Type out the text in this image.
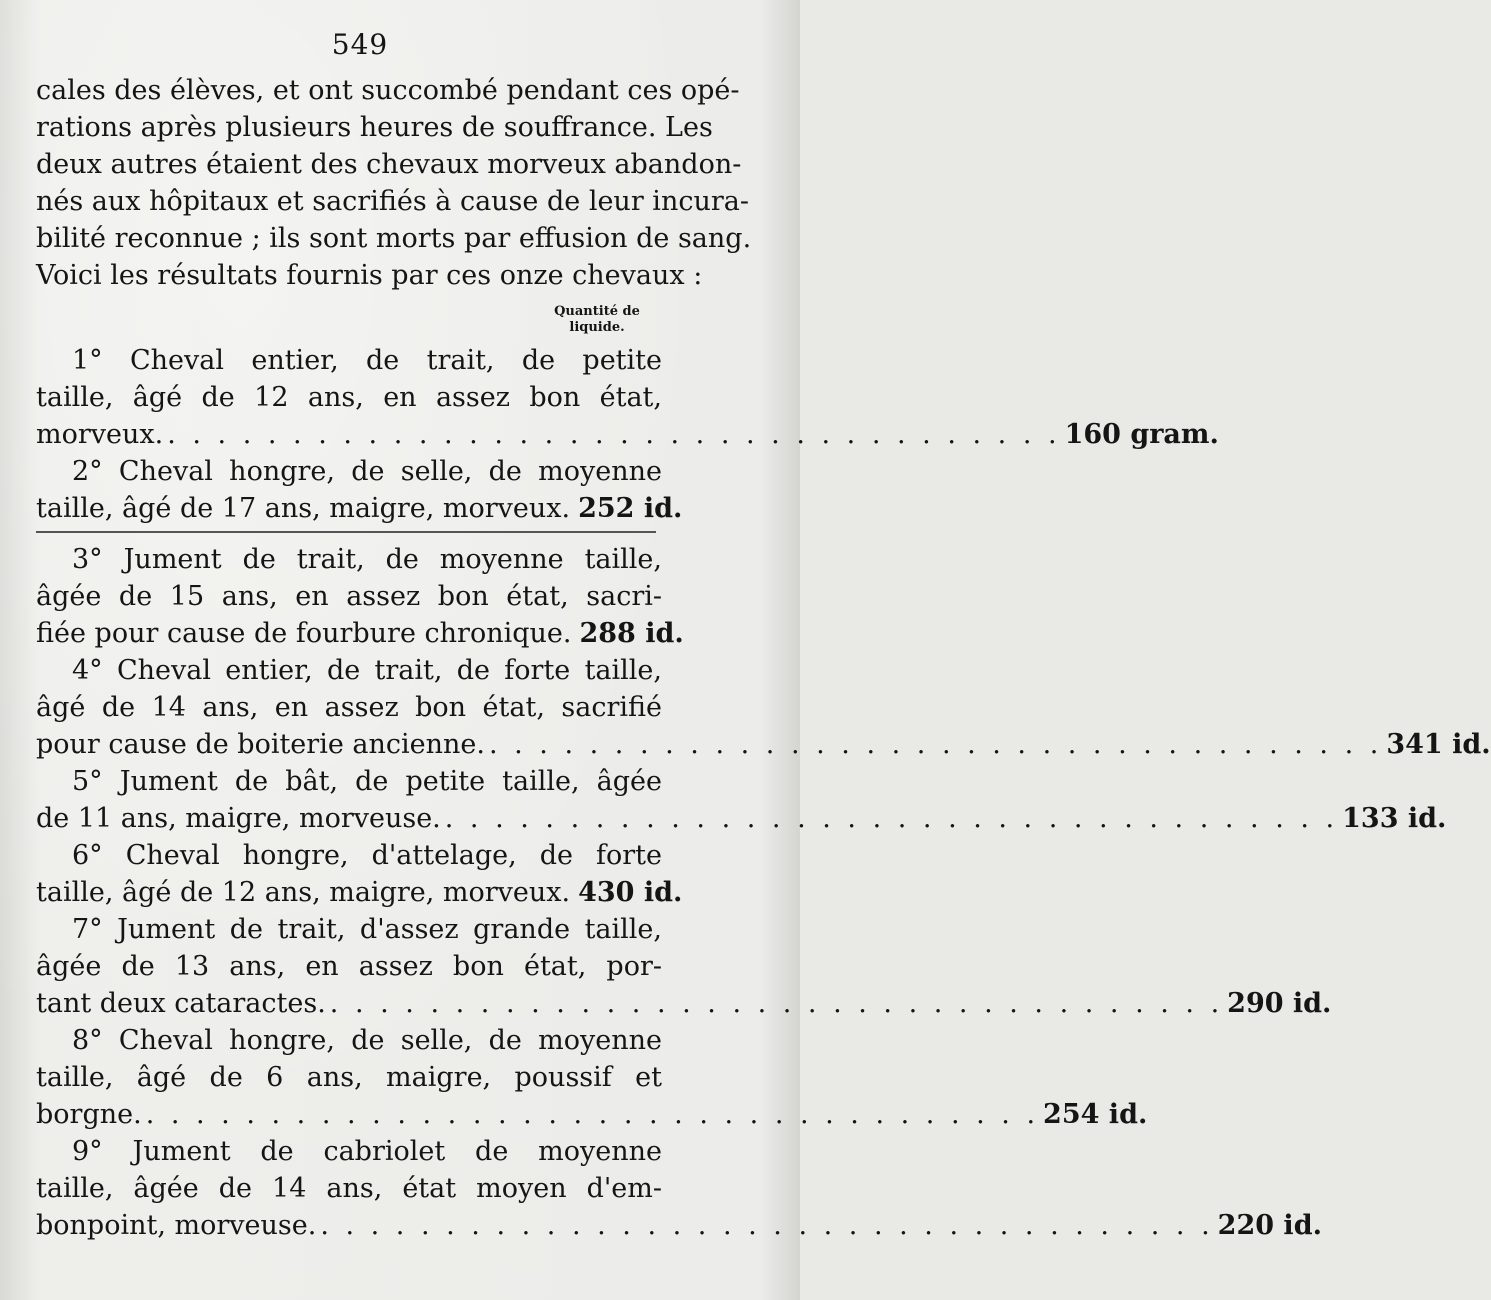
549
cales des élèves, et ont succombé pendant ces opé-
rations après plusieurs heures de souffrance. Les
deux autres étaient des chevaux morveux abandon-
nés aux hôpitaux et sacrifiés à cause de leur incura-
bilité reconnue ; ils sont morts par effusion de sang.
Voici les résultats fournis par ces onze chevaux :
Quantité de
liquide.
1° Cheval entier, de trait, de petite
taille, âgé de 12 ans, en assez bon état,
morveux. . . . . . . . . . . . . . . . . . . . . . . . . . . . . . . . . . . . . 160 gram.
2° Cheval hongre, de selle, de moyenne
taille, âgé de 17 ans, maigre, morveux. 252 id.
3° Jument de trait, de moyenne taille,
âgée de 15 ans, en assez bon état, sacri-
fiée pour cause de fourbure chronique. 288 id.
4° Cheval entier, de trait, de forte taille,
âgé de 14 ans, en assez bon état, sacrifié
pour cause de boiterie ancienne. . . . . . . . . . . . . . . . . . . . . . . . . . . . . . . . . . . . . 341 id.
5° Jument de bât, de petite taille, âgée
de 11 ans, maigre, morveuse. . . . . . . . . . . . . . . . . . . . . . . . . . . . . . . . . . . . . 133 id.
6° Cheval hongre, d'attelage, de forte
taille, âgé de 12 ans, maigre, morveux. 430 id.
7° Jument de trait, d'assez grande taille,
âgée de 13 ans, en assez bon état, por-
tant deux cataractes. . . . . . . . . . . . . . . . . . . . . . . . . . . . . . . . . . . . . 290 id.
8° Cheval hongre, de selle, de moyenne
taille, âgé de 6 ans, maigre, poussif et
borgne. . . . . . . . . . . . . . . . . . . . . . . . . . . . . . . . . . . . . 254 id.
9° Jument de cabriolet de moyenne
taille, âgée de 14 ans, état moyen d'em-
bonpoint, morveuse. . . . . . . . . . . . . . . . . . . . . . . . . . . . . . . . . . . . . 220 id.
